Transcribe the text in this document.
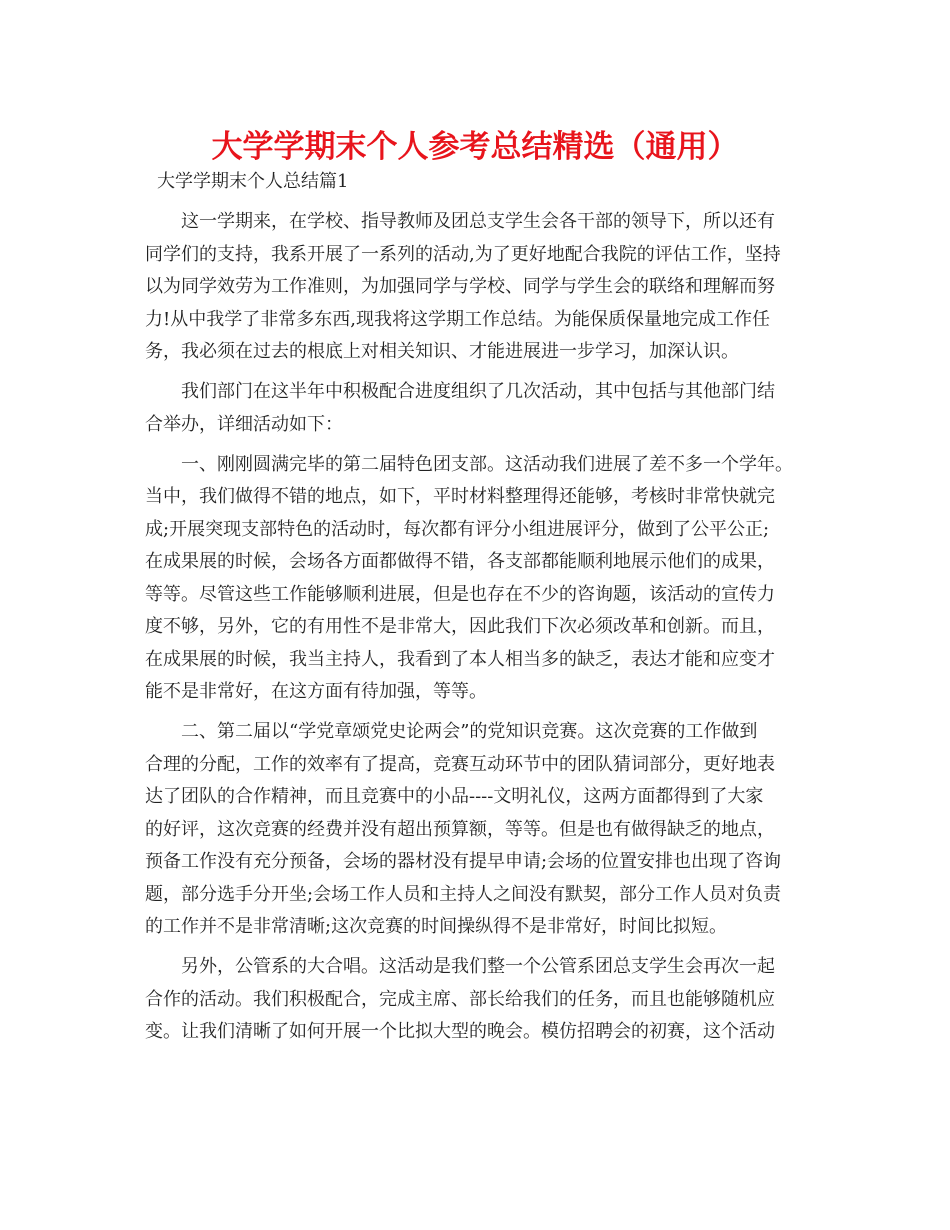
大学学期末个人参考总结精选（通用）
大学学期末个人总结篇1
这一学期来，在学校、指导教师及团总支学生会各干部的领导下，所以还有
同学们的支持，我系开展了一系列的活动,为了更好地配合我院的评估工作，坚持
以为同学效劳为工作准则，为加强同学与学校、同学与学生会的联络和理解而努
力!从中我学了非常多东西,现我将这学期工作总结。为能保质保量地完成工作任
务，我必须在过去的根底上对相关知识、才能进展进一步学习，加深认识。
我们部门在这半年中积极配合进度组织了几次活动，其中包括与其他部门结
合举办，详细活动如下：
一、刚刚圆满完毕的第二届特色团支部。这活动我们进展了差不多一个学年。
当中，我们做得不错的地点，如下，平时材料整理得还能够，考核时非常快就完
成;开展突现支部特色的活动时，每次都有评分小组进展评分，做到了公平公正;
在成果展的时候，会场各方面都做得不错，各支部都能顺利地展示他们的成果，
等等。尽管这些工作能够顺利进展，但是也存在不少的咨询题，该活动的宣传力
度不够，另外，它的有用性不是非常大，因此我们下次必须改革和创新。而且，
在成果展的时候，我当主持人，我看到了本人相当多的缺乏，表达才能和应变才
能不是非常好，在这方面有待加强，等等。
二、第二届以“学党章颂党史论两会”的党知识竞赛。这次竞赛的工作做到
合理的分配，工作的效率有了提高，竞赛互动环节中的团队猜词部分，更好地表
达了团队的合作精神，而且竞赛中的小品----文明礼仪，这两方面都得到了大家
的好评，这次竞赛的经费并没有超出预算额，等等。但是也有做得缺乏的地点，
预备工作没有充分预备，会场的器材没有提早申请;会场的位置安排也出现了咨询
题，部分选手分开坐;会场工作人员和主持人之间没有默契，部分工作人员对负责
的工作并不是非常清晰;这次竞赛的时间操纵得不是非常好，时间比拟短。
另外，公管系的大合唱。这活动是我们整一个公管系团总支学生会再次一起
合作的活动。我们积极配合，完成主席、部长给我们的任务，而且也能够随机应
变。让我们清晰了如何开展一个比拟大型的晚会。模仿招聘会的初赛，这个活动
